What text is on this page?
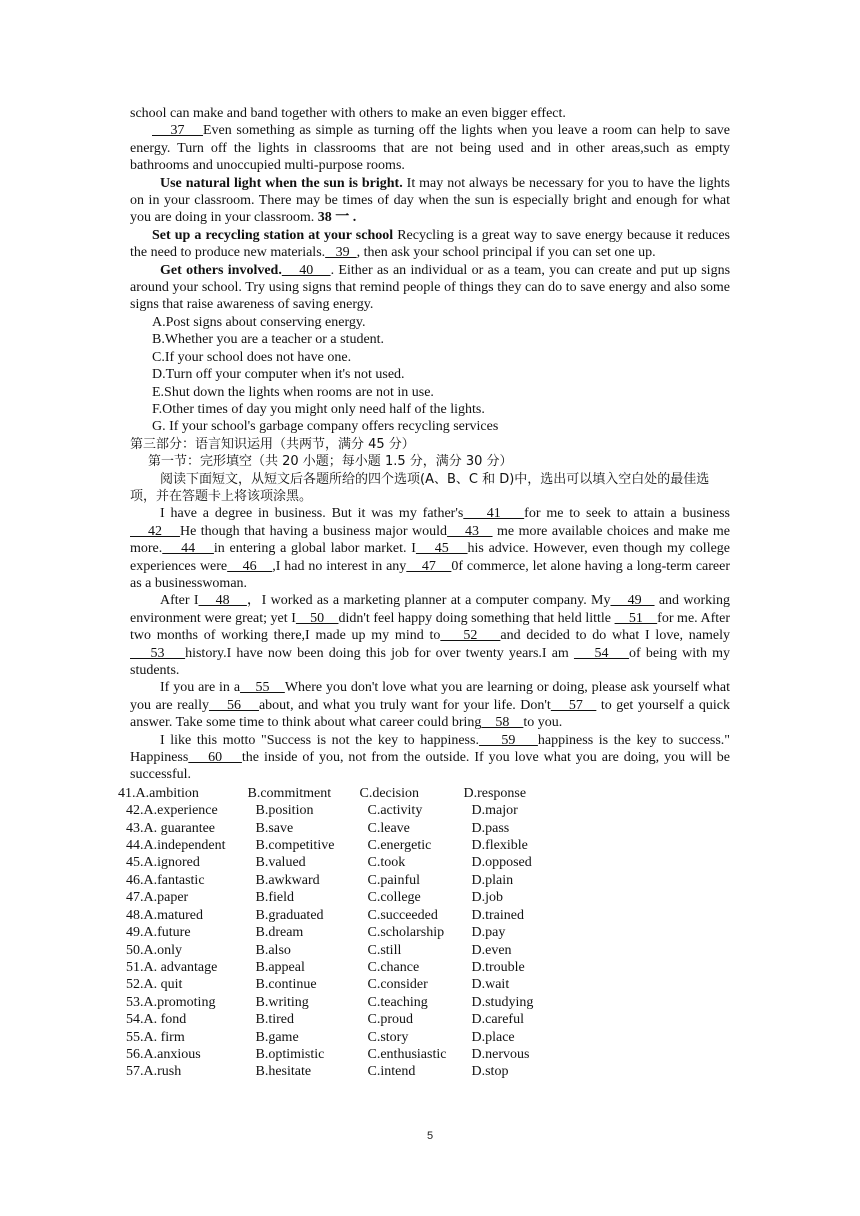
school can make and band together with others to make an even bigger effect.

37    Even something as simple as turning off the lights when you leave a room can help to save energy. Turn off the lights in classrooms that are not being used and in other areas,such as empty bathrooms and unoccupied multi-purpose rooms.

Use natural light when the sun is bright. It may not always be necessary for you to have the lights on in your classroom. There may be times of day when the sun is especially bright and enough for what you are doing in your classroom. 38 一 .

Set up a recycling station at your school Recycling is a great way to save energy because it reduces the need to produce new materials.   39  , then ask your school principal if you can set one up.

Get others involved.    40    . Either as an individual or as a team, you can create and put up signs around your school. Try using signs that remind people of things they can do to save energy and also some signs that raise awareness of saving energy.

A.Post signs about conserving energy.

B.Whether you are a teacher or a student.

C.If your school does not have one.

D.Turn off your computer when it's not used.

E.Shut down the lights when rooms are not in use.

F.Other times of day you might only need half of the lights.

G. If your school's garbage company offers recycling services

第三部分：语言知识运用（共两节，满分 45 分）

第一节：完形填空（共 20 小题；每小题 1.5 分，满分 30 分）

阅读下面短文，从短文后各题所给的四个选项(A、B、C 和 D)中，选出可以填入空白处的最佳选项，并在答题卡上将该项涂黑。

I have a degree in business. But it was my father's    41    for me to seek to attain a business     42    He though that having a business major would    43    me more available choices and make me more.    44    in entering a global labor market. I    45    his advice. However, even though my college experiences were    46    ,I had no interest in any    47    0f commerce, let alone having a long-term career as a businesswoman.

After I    48    ，I worked as a marketing planner at a computer company. My    49    and working environment were great; yet I    50    didn't feel happy doing something that held little     51    for me. After two months of working there,I made up my mind to    52    and decided to do what I love, namely    53    history.I have now been doing this job for over twenty years.I am     54    of being with my students.

If you are in a    55    Where you don't love what you are learning or doing, please ask yourself what you are really    56    about, and what you truly want for your life. Don't    57    to get yourself a quick answer. Take some time to think about what career could bring    58    to you.

I like this motto "Success is not the key to happiness.    59    happiness is the key to success." Happiness    60    the inside of you, not from the outside. If you love what you are doing, you will be successful.

41. A.ambition	B.commitment	C.decision	D.response
42. A.experience	B.position	C.activity	D.major
43. A. guarantee	B.save	C.leave	D.pass
44. A.independent	B.competitive	C.energetic	D.flexible
45. A.ignored	B.valued	C.took	D.opposed
46. A.fantastic	B.awkward	C.painful	D.plain
47. A.paper	B.field	C.college	D.job
48. A.matured	B.graduated	C.succeeded	D.trained
49. A.future	B.dream	C.scholarship	D.pay
50. A.only	B.also	C.still	D.even
51. A. advantage	B.appeal	C.chance	D.trouble
52. A. quit	B.continue	C.consider	D.wait
53. A.promoting	B.writing	C.teaching	D.studying
54. A. fond	B.tired	C.proud	D.careful
55. A. firm	B.game	C.story	D.place
56. A.anxious	B.optimistic	C.enthusiastic	D.nervous
57. A.rush	B.hesitate	C.intend	D.stop
5
